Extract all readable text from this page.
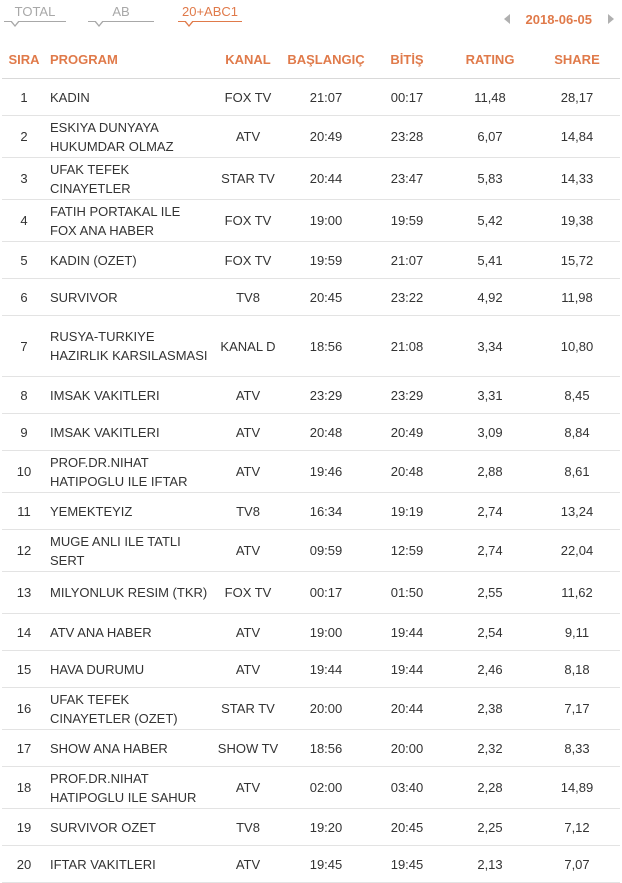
TOTAL	AB	20+ABC1	2018-06-05
SIRA	PROGRAM	KANAL	BAŞLANGIÇ	BİTİŞ	RATING	SHARE
1	KADIN	FOX TV	21:07	00:17	11,48	28,17
2	ESKIYA DUNYAYA HUKUMDAR OLMAZ	ATV	20:49	23:28	6,07	14,84
3	UFAK TEFEK CINAYETLER	STAR TV	20:44	23:47	5,83	14,33
4	FATIH PORTAKAL ILE FOX ANA HABER	FOX TV	19:00	19:59	5,42	19,38
5	KADIN (OZET)	FOX TV	19:59	21:07	5,41	15,72
6	SURVIVOR	TV8	20:45	23:22	4,92	11,98
7	RUSYA-TURKIYE HAZIRLIK KARSILASMASI	KANAL D	18:56	21:08	3,34	10,80
8	IMSAK VAKITLERI	ATV	23:29	23:29	3,31	8,45
9	IMSAK VAKITLERI	ATV	20:48	20:49	3,09	8,84
10	PROF.DR.NIHAT HATIPOGLU ILE IFTAR	ATV	19:46	20:48	2,88	8,61
11	YEMEKTEYIZ	TV8	16:34	19:19	2,74	13,24
12	MUGE ANLI ILE TATLI SERT	ATV	09:59	12:59	2,74	22,04
13	MILYONLUK RESIM (TKR)	FOX TV	00:17	01:50	2,55	11,62
14	ATV ANA HABER	ATV	19:00	19:44	2,54	9,11
15	HAVA DURUMU	ATV	19:44	19:44	2,46	8,18
16	UFAK TEFEK CINAYETLER (OZET)	STAR TV	20:00	20:44	2,38	7,17
17	SHOW ANA HABER	SHOW TV	18:56	20:00	2,32	8,33
18	PROF.DR.NIHAT HATIPOGLU ILE SAHUR	ATV	02:00	03:40	2,28	14,89
19	SURVIVOR OZET	TV8	19:20	20:45	2,25	7,12
20	IFTAR VAKITLERI	ATV	19:45	19:45	2,13	7,07
